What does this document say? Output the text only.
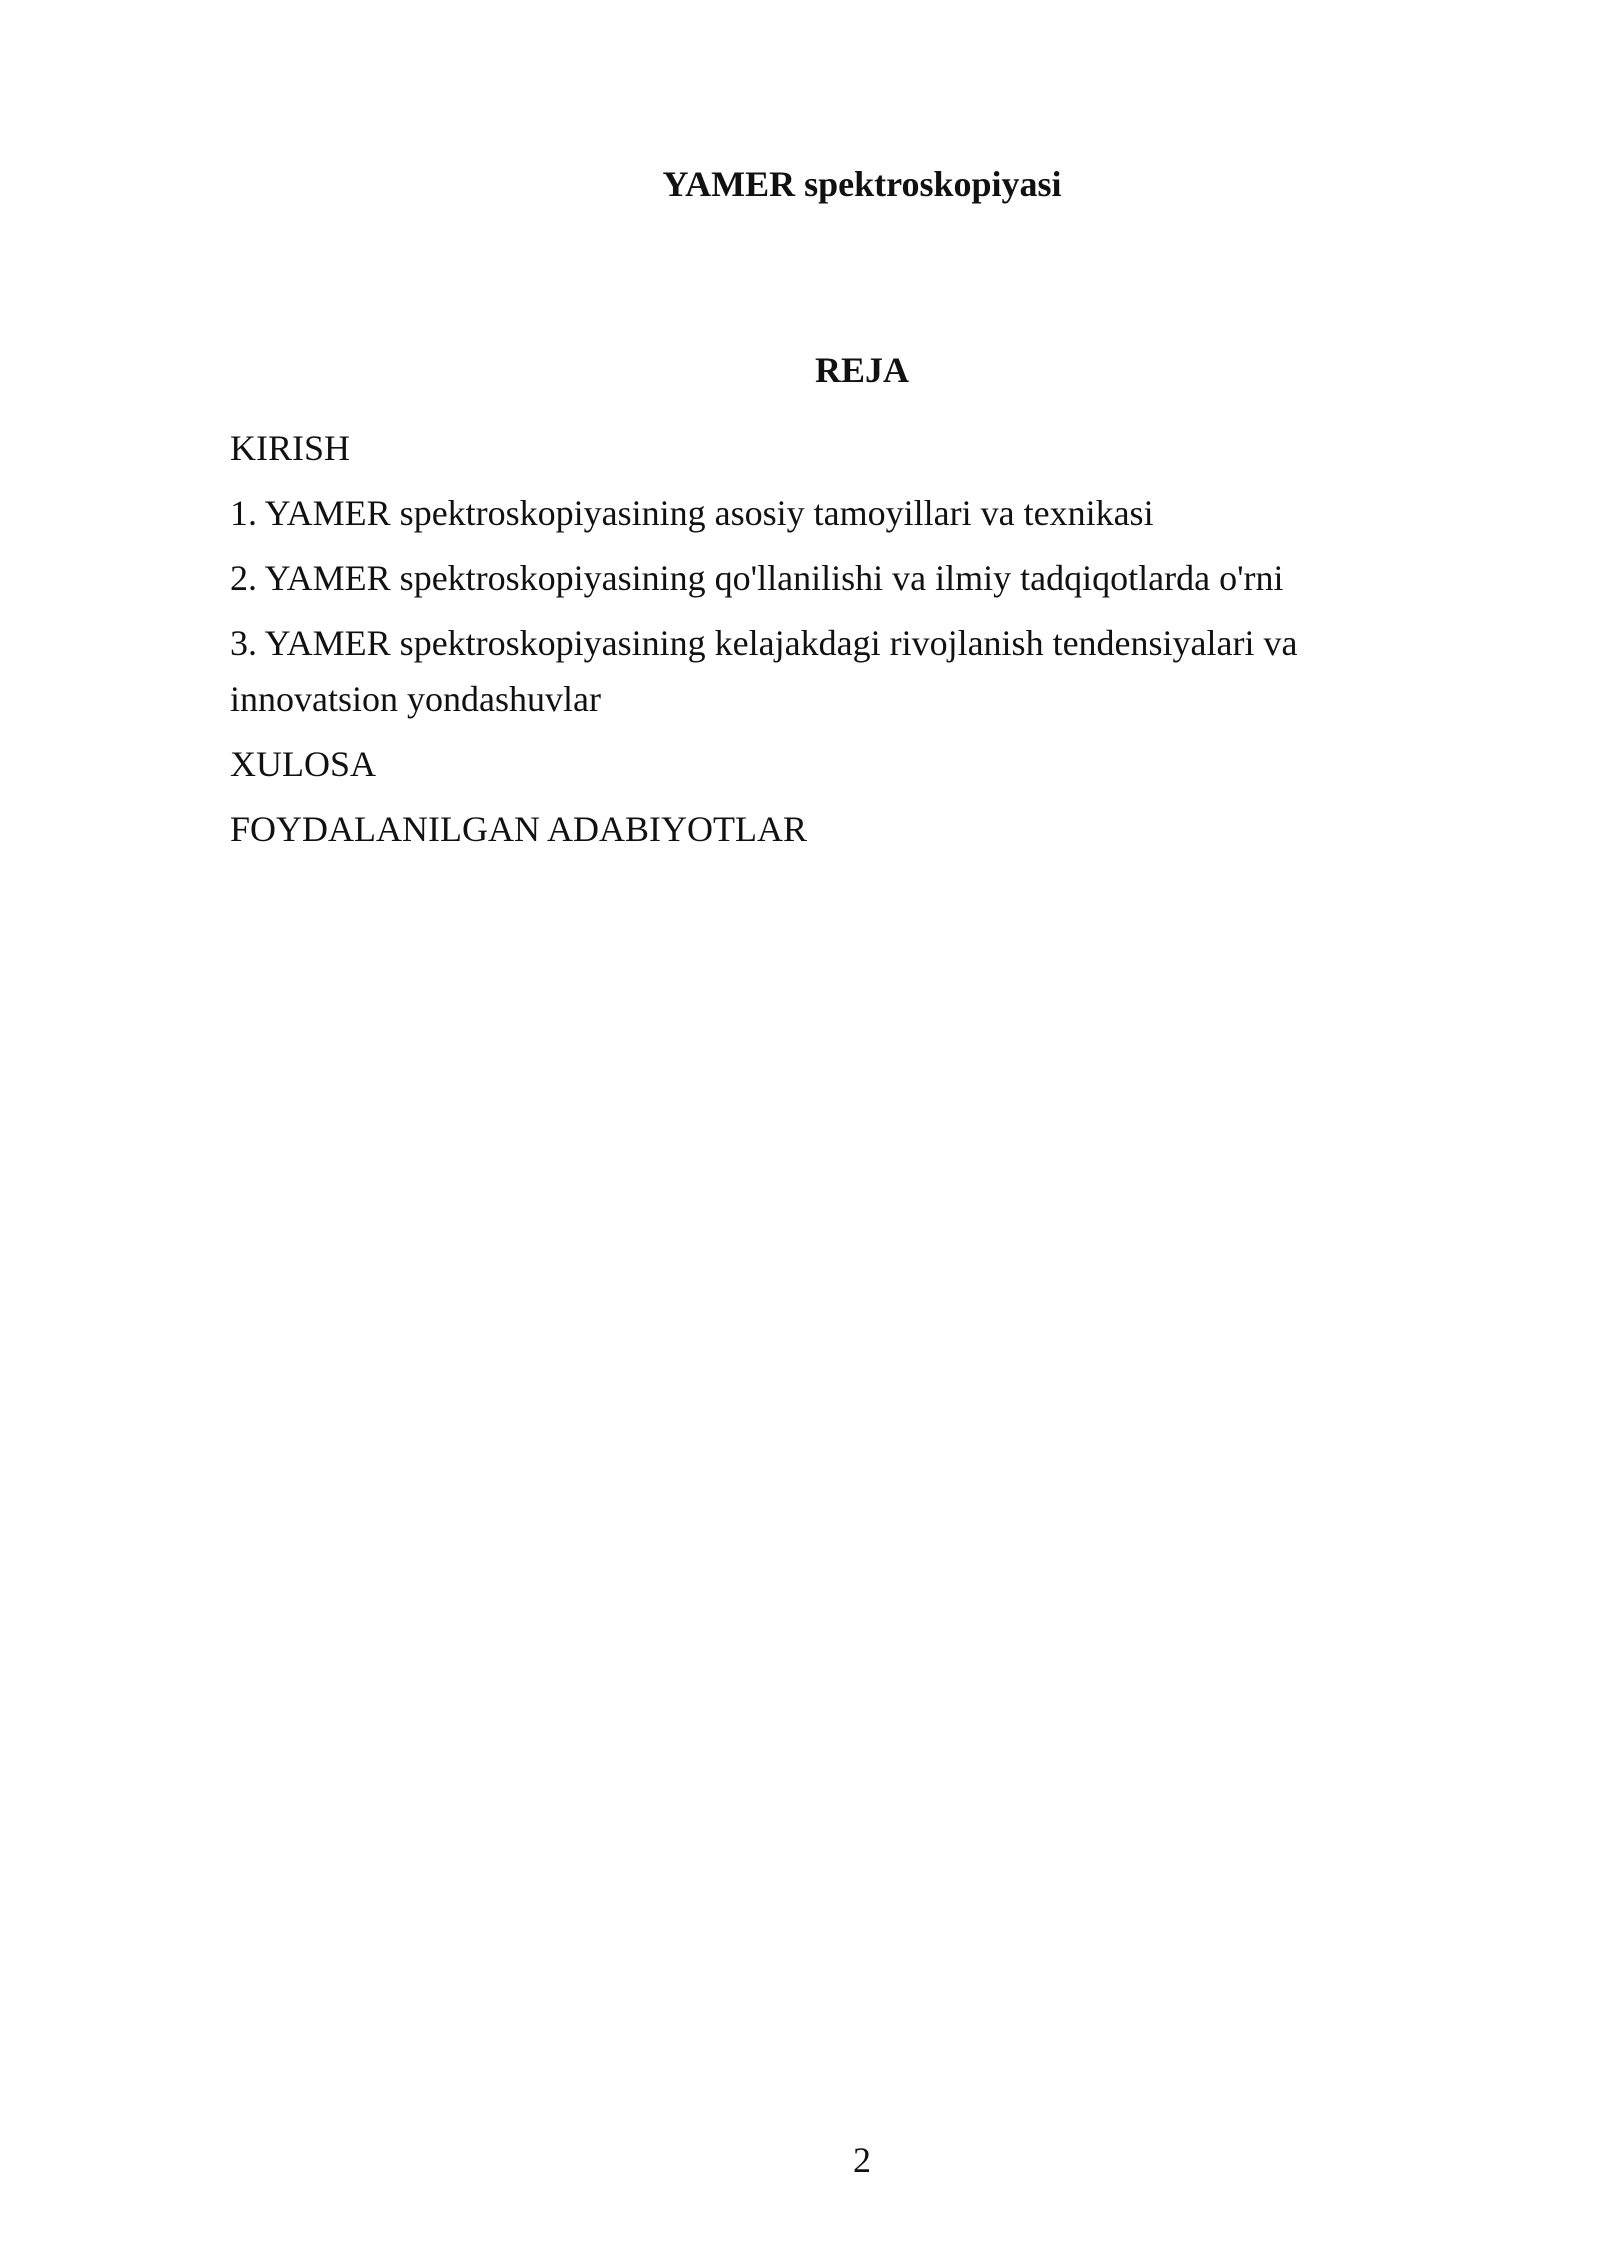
YAMER spektroskopiyasi
REJA
KIRISH
1. YAMER spektroskopiyasining asosiy tamoyillari va texnikasi
2. YAMER spektroskopiyasining qo'llanilishi va ilmiy tadqiqotlarda o'rni
3. YAMER spektroskopiyasining kelajakdagi rivojlanish tendensiyalari va innovatsion yondashuvlar
XULOSA
FOYDALANILGAN ADABIYOTLAR
2
